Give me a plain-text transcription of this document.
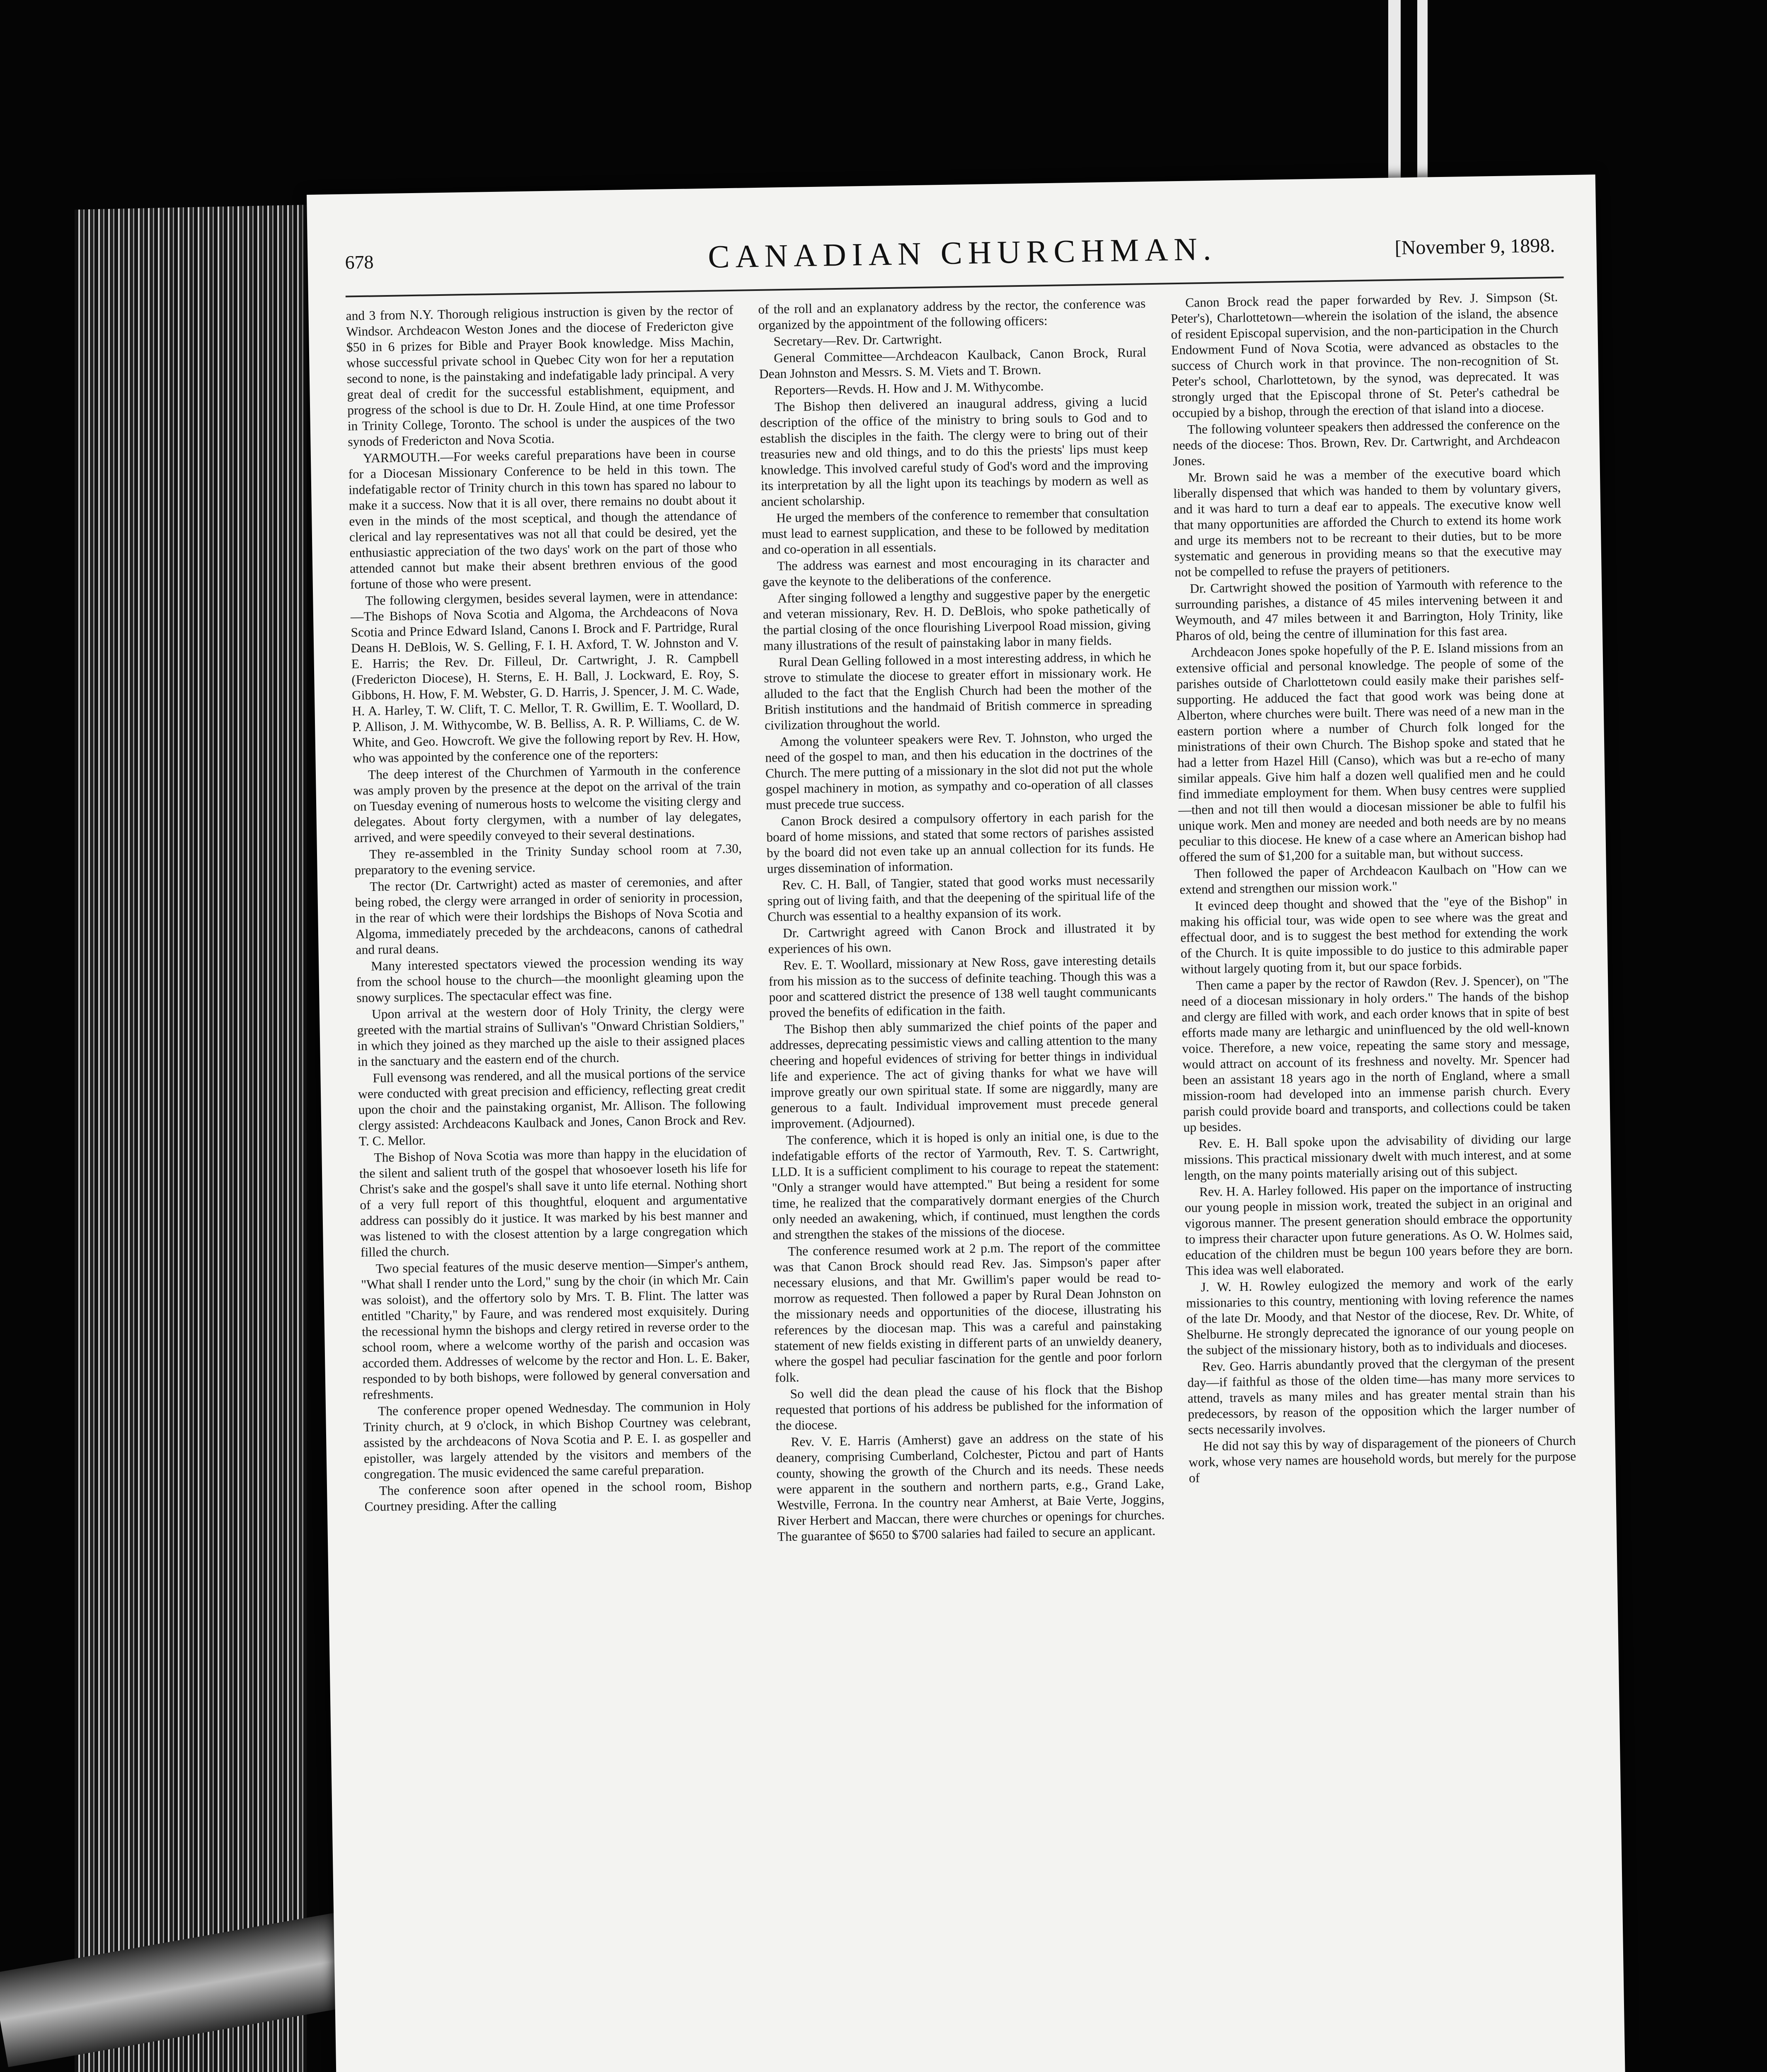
678	CANADIAN CHURCHMAN.	[November 9, 1898.

and 3 from N.Y. Thorough religious instruction is given by the rector of Windsor. Archdeacon Weston Jones and the diocese of Fredericton give $50 in 6 prizes for Bible and Prayer Book knowledge. Miss Machin, whose successful private school in Quebec City won for her a reputation second to none, is the painstaking and indefatigable lady principal. A very great deal of credit for the successful establishment, equipment, and progress of the school is due to Dr. H. Zoule Hind, at one time Professor in Trinity College, Toronto. The school is under the auspices of the two synods of Fredericton and Nova Scotia.

YARMOUTH.—For weeks careful preparations have been in course for a Diocesan Missionary Conference to be held in this town. The indefatigable rector of Trinity church in this town has spared no labour to make it a success. Now that it is all over, there remains no doubt about it even in the minds of the most sceptical, and though the attendance of clerical and lay representatives was not all that could be desired, yet the enthusiastic appreciation of the two days' work on the part of those who attended cannot but make their absent brethren envious of the good fortune of those who were present.

The following clergymen, besides several laymen, were in attendance:—The Bishops of Nova Scotia and Algoma, the Archdeacons of Nova Scotia and Prince Edward Island, Canons I. Brock and F. Partridge, Rural Deans H. DeBlois, W. S. Gelling, F. I. H. Axford, T. W. Johnston and V. E. Harris; the Rev. Dr. Filleul, Dr. Cartwright, J. R. Campbell (Fredericton Diocese), H. Sterns, E. H. Ball, J. Lockward, E. Roy, S. Gibbons, H. How, F. M. Webster, G. D. Harris, J. Spencer, J. M. C. Wade, H. A. Harley, T. W. Clift, T. C. Mellor, T. R. Gwillim, E. T. Woollard, D. P. Allison, J. M. Withycombe, W. B. Belliss, A. R. P. Williams, C. de W. White, and Geo. Howcroft. We give the following report by Rev. H. How, who was appointed by the conference one of the reporters:

The deep interest of the Churchmen of Yarmouth in the conference was amply proven by the presence at the depot on the arrival of the train on Tuesday evening of numerous hosts to welcome the visiting clergy and delegates. About forty clergymen, with a number of lay delegates, arrived, and were speedily conveyed to their several destinations.

They re-assembled in the Trinity Sunday school room at 7.30, preparatory to the evening service.

The rector (Dr. Cartwright) acted as master of ceremonies, and after being robed, the clergy were arranged in order of seniority in procession, in the rear of which were their lordships the Bishops of Nova Scotia and Algoma, immediately preceded by the archdeacons, canons of cathedral and rural deans.

Many interested spectators viewed the procession wending its way from the school house to the church—the moonlight gleaming upon the snowy surplices. The spectacular effect was fine.

Upon arrival at the western door of Holy Trinity, the clergy were greeted with the martial strains of Sullivan's "Onward Christian Soldiers," in which they joined as they marched up the aisle to their assigned places in the sanctuary and the eastern end of the church.

Full evensong was rendered, and all the musical portions of the service were conducted with great precision and efficiency, reflecting great credit upon the choir and the painstaking organist, Mr. Allison. The following clergy assisted: Archdeacons Kaulback and Jones, Canon Brock and Rev. T. C. Mellor.

The Bishop of Nova Scotia was more than happy in the elucidation of the silent and salient truth of the gospel that whosoever loseth his life for Christ's sake and the gospel's shall save it unto life eternal. Nothing short of a very full report of this thoughtful, eloquent and argumentative address can possibly do it justice. It was marked by his best manner and was listened to with the closest attention by a large congregation which filled the church.

Two special features of the music deserve mention—Simper's anthem, "What shall I render unto the Lord," sung by the choir (in which Mr. Cain was soloist), and the offertory solo by Mrs. T. B. Flint. The latter was entitled "Charity," by Faure, and was rendered most exquisitely. During the recessional hymn the bishops and clergy retired in reverse order to the school room, where a welcome worthy of the parish and occasion was accorded them. Addresses of welcome by the rector and Hon. L. E. Baker, responded to by both bishops, were followed by general conversation and refreshments.

The conference proper opened Wednesday. The communion in Holy Trinity church, at 9 o'clock, in which Bishop Courtney was celebrant, assisted by the archdeacons of Nova Scotia and P. E. I. as gospeller and epistoller, was largely attended by the visitors and members of the congregation. The music evidenced the same careful preparation.

The conference soon after opened in the school room, Bishop Courtney presiding. After the calling

of the roll and an explanatory address by the rector, the conference was organized by the appointment of the following officers:

Secretary—Rev. Dr. Cartwright.

General Committee—Archdeacon Kaulback, Canon Brock, Rural Dean Johnston and Messrs. S. M. Viets and T. Brown.

Reporters—Revds. H. How and J. M. Withycombe.

The Bishop then delivered an inaugural address, giving a lucid description of the office of the ministry to bring souls to God and to establish the disciples in the faith. The clergy were to bring out of their treasuries new and old things, and to do this the priests' lips must keep knowledge. This involved careful study of God's word and the improving its interpretation by all the light upon its teachings by modern as well as ancient scholarship.

He urged the members of the conference to remember that consultation must lead to earnest supplication, and these to be followed by meditation and co-operation in all essentials.

The address was earnest and most encouraging in its character and gave the keynote to the deliberations of the conference.

After singing followed a lengthy and suggestive paper by the energetic and veteran missionary, Rev. H. D. DeBlois, who spoke pathetically of the partial closing of the once flourishing Liverpool Road mission, giving many illustrations of the result of painstaking labor in many fields.

Rural Dean Gelling followed in a most interesting address, in which he strove to stimulate the diocese to greater effort in missionary work. He alluded to the fact that the English Church had been the mother of the British institutions and the handmaid of British commerce in spreading civilization throughout the world.

Among the volunteer speakers were Rev. T. Johnston, who urged the need of the gospel to man, and then his education in the doctrines of the Church. The mere putting of a missionary in the slot did not put the whole gospel machinery in motion, as sympathy and co-operation of all classes must precede true success.

Canon Brock desired a compulsory offertory in each parish for the board of home missions, and stated that some rectors of parishes assisted by the board did not even take up an annual collection for its funds. He urges dissemination of information.

Rev. C. H. Ball, of Tangier, stated that good works must necessarily spring out of living faith, and that the deepening of the spiritual life of the Church was essential to a healthy expansion of its work.

Dr. Cartwright agreed with Canon Brock and illustrated it by experiences of his own.

Rev. E. T. Woollard, missionary at New Ross, gave interesting details from his mission as to the success of definite teaching. Though this was a poor and scattered district the presence of 138 well taught communicants proved the benefits of edification in the faith.

The Bishop then ably summarized the chief points of the paper and addresses, deprecating pessimistic views and calling attention to the many cheering and hopeful evidences of striving for better things in individual life and experience. The act of giving thanks for what we have will improve greatly our own spiritual state. If some are niggardly, many are generous to a fault. Individual improvement must precede general improvement. (Adjourned).

The conference, which it is hoped is only an initial one, is due to the indefatigable efforts of the rector of Yarmouth, Rev. T. S. Cartwright, LLD. It is a sufficient compliment to his courage to repeat the statement: "Only a stranger would have attempted." But being a resident for some time, he realized that the comparatively dormant energies of the Church only needed an awakening, which, if continued, must lengthen the cords and strengthen the stakes of the missions of the diocese.

The conference resumed work at 2 p.m. The report of the committee was that Canon Brock should read Rev. Jas. Simpson's paper after necessary elusions, and that Mr. Gwillim's paper would be read to-morrow as requested. Then followed a paper by Rural Dean Johnston on the missionary needs and opportunities of the diocese, illustrating his references by the diocesan map. This was a careful and painstaking statement of new fields existing in different parts of an unwieldy deanery, where the gospel had peculiar fascination for the gentle and poor forlorn folk.

So well did the dean plead the cause of his flock that the Bishop requested that portions of his address be published for the information of the diocese.

Rev. V. E. Harris (Amherst) gave an address on the state of his deanery, comprising Cumberland, Colchester, Pictou and part of Hants county, showing the growth of the Church and its needs. These needs were apparent in the southern and northern parts, e.g., Grand Lake, Westville, Ferrona. In the country near Amherst, at Baie Verte, Joggins, River Herbert and Maccan, there were churches or openings for churches. The guarantee of $650 to $700 salaries had failed to secure an applicant.

Canon Brock read the paper forwarded by Rev. J. Simpson (St. Peter's), Charlottetown—wherein the isolation of the island, the absence of resident Episcopal supervision, and the non-participation in the Church Endowment Fund of Nova Scotia, were advanced as obstacles to the success of Church work in that province. The non-recognition of St. Peter's school, Charlottetown, by the synod, was deprecated. It was strongly urged that the Episcopal throne of St. Peter's cathedral be occupied by a bishop, through the erection of that island into a diocese.

The following volunteer speakers then addressed the conference on the needs of the diocese: Thos. Brown, Rev. Dr. Cartwright, and Archdeacon Jones.

Mr. Brown said he was a member of the executive board which liberally dispensed that which was handed to them by voluntary givers, and it was hard to turn a deaf ear to appeals. The executive know well that many opportunities are afforded the Church to extend its home work and urge its members not to be recreant to their duties, but to be more systematic and generous in providing means so that the executive may not be compelled to refuse the prayers of petitioners.

Dr. Cartwright showed the position of Yarmouth with reference to the surrounding parishes, a distance of 45 miles intervening between it and Weymouth, and 47 miles between it and Barrington, Holy Trinity, like Pharos of old, being the centre of illumination for this fast area.

Archdeacon Jones spoke hopefully of the P. E. Island missions from an extensive official and personal knowledge. The people of some of the parishes outside of Charlottetown could easily make their parishes self-supporting. He adduced the fact that good work was being done at Alberton, where churches were built. There was need of a new man in the eastern portion where a number of Church folk longed for the ministrations of their own Church. The Bishop spoke and stated that he had a letter from Hazel Hill (Canso), which was but a re-echo of many similar appeals. Give him half a dozen well qualified men and he could find immediate employment for them. When busy centres were supplied—then and not till then would a diocesan missioner be able to fulfil his unique work. Men and money are needed and both needs are by no means peculiar to this diocese. He knew of a case where an American bishop had offered the sum of $1,200 for a suitable man, but without success.

Then followed the paper of Archdeacon Kaulbach on "How can we extend and strengthen our mission work."

It evinced deep thought and showed that the "eye of the Bishop" in making his official tour, was wide open to see where was the great and effectual door, and is to suggest the best method for extending the work of the Church. It is quite impossible to do justice to this admirable paper without largely quoting from it, but our space forbids.

Then came a paper by the rector of Rawdon (Rev. J. Spencer), on "The need of a diocesan missionary in holy orders." The hands of the bishop and clergy are filled with work, and each order knows that in spite of best efforts made many are lethargic and uninfluenced by the old well-known voice. Therefore, a new voice, repeating the same story and message, would attract on account of its freshness and novelty. Mr. Spencer had been an assistant 18 years ago in the north of England, where a small mission-room had developed into an immense parish church. Every parish could provide board and transports, and collections could be taken up besides.

Rev. E. H. Ball spoke upon the advisability of dividing our large missions. This practical missionary dwelt with much interest, and at some length, on the many points materially arising out of this subject.

Rev. H. A. Harley followed. His paper on the importance of instructing our young people in mission work, treated the subject in an original and vigorous manner. The present generation should embrace the opportunity to impress their character upon future generations. As O. W. Holmes said, education of the children must be begun 100 years before they are born. This idea was well elaborated.

J. W. H. Rowley eulogized the memory and work of the early missionaries to this country, mentioning with loving reference the names of the late Dr. Moody, and that Nestor of the diocese, Rev. Dr. White, of Shelburne. He strongly deprecated the ignorance of our young people on the subject of the missionary history, both as to individuals and dioceses.

Rev. Geo. Harris abundantly proved that the clergyman of the present day—if faithful as those of the olden time—has many more services to attend, travels as many miles and has greater mental strain than his predecessors, by reason of the opposition which the larger number of sects necessarily involves.

He did not say this by way of disparagement of the pioneers of Church work, whose very names are household words, but merely for the purpose of
